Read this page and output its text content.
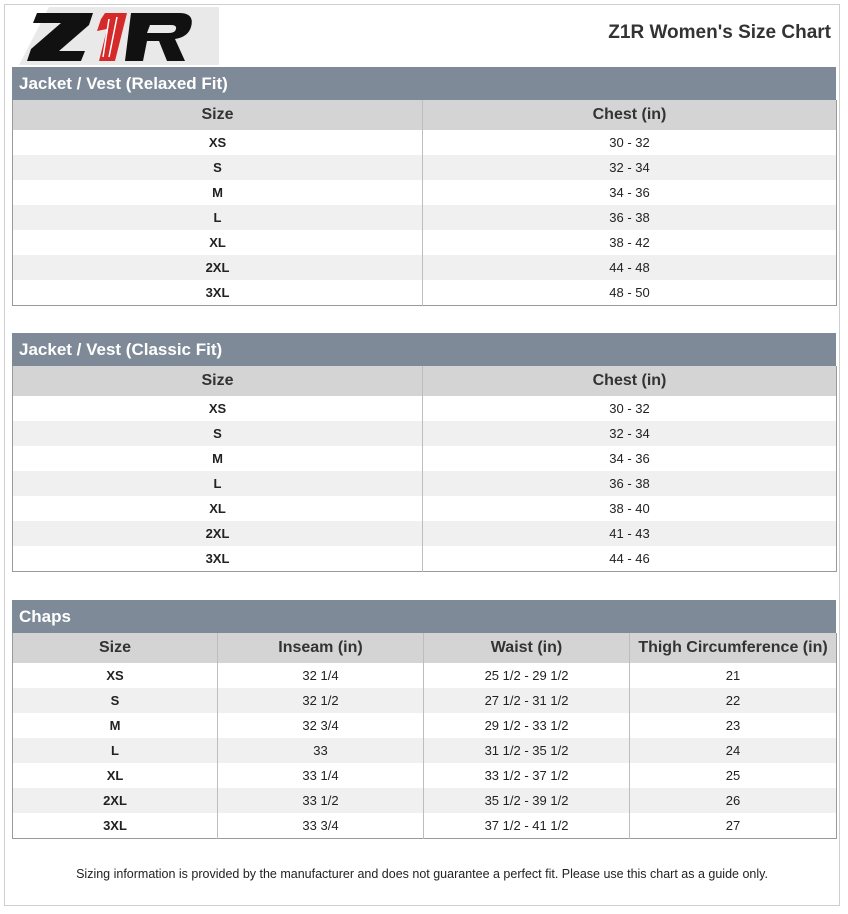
Z1R Women's Size Chart
Jacket / Vest (Relaxed Fit)
Size	Chest (in)
XS	30 - 32
S	32 - 34
M	34 - 36
L	36 - 38
XL	38 - 42
2XL	44 - 48
3XL	48 - 50
Jacket / Vest (Classic Fit)
Size	Chest (in)
XS	30 - 32
S	32 - 34
M	34 - 36
L	36 - 38
XL	38 - 40
2XL	41 - 43
3XL	44 - 46
Chaps
Size	Inseam (in)	Waist (in)	Thigh Circumference (in)
XS	32 1/4	25 1/2 - 29 1/2	21
S	32 1/2	27 1/2 - 31 1/2	22
M	32 3/4	29 1/2 - 33 1/2	23
L	33	31 1/2 - 35 1/2	24
XL	33 1/4	33 1/2 - 37 1/2	25
2XL	33 1/2	35 1/2 - 39 1/2	26
3XL	33 3/4	37 1/2 - 41 1/2	27
Sizing information is provided by the manufacturer and does not guarantee a perfect fit. Please use this chart as a guide only.
